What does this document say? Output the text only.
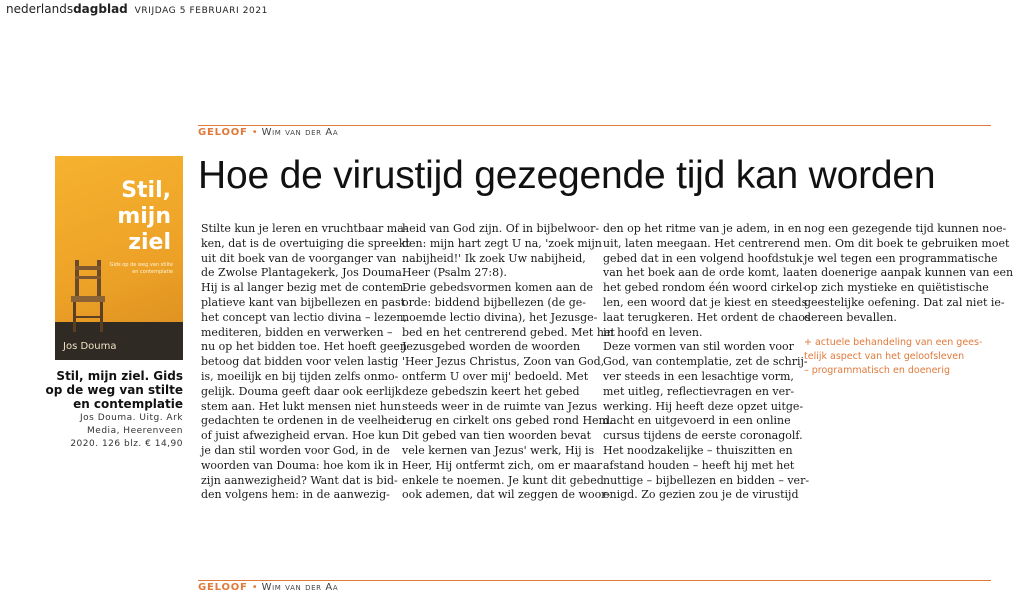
nederlandsdagblad VRIJDAG 5 FEBRUARI 2021
GELOOF • Wim van der Aa
Stil,
mijn
ziel
Gids op de weg van stilte en contemplatie
Jos Douma
Stil, mijn ziel. Gids
op de weg van stilte
en contemplatie
Jos Douma. Uitg. Ark
Media, Heerenveen
2020. 126 blz. € 14,90
Hoe de virustijd gezegende tijd kan worden
Stilte kun je leren en vruchtbaar ma-
ken, dat is de overtuiging die spreekt
uit dit boek van de voorganger van
de Zwolse Plantagekerk, Jos Douma.
Hij is al langer bezig met de contem-
platieve kant van bijbellezen en past
het concept van lectio divina – lezen,
mediteren, bidden en verwerken –
nu op het bidden toe. Het hoeft geen
betoog dat bidden voor velen lastig
is, moeilijk en bij tijden zelfs onmo-
gelijk. Douma geeft daar ook eerlijk
stem aan. Het lukt mensen niet hun
gedachten te ordenen in de veelheid
of juist afwezigheid ervan. Hoe kun
je dan stil worden voor God, in de
woorden van Douma: hoe kom ik in
zijn aanwezigheid? Want dat is bid-
den volgens hem: in de aanwezig-
heid van God zijn. Of in bijbelwoor-
den: mijn hart zegt U na, 'zoek mijn
nabijheid!' Ik zoek Uw nabijheid,
Heer (Psalm 27:8).
Drie gebedsvormen komen aan de
orde: biddend bijbellezen (de ge-
noemde lectio divina), het Jezusge-
bed en het centrerend gebed. Met het
Jezusgebed worden de woorden
'Heer Jezus Christus, Zoon van God,
ontferm U over mij' bedoeld. Met
deze gebedszin keert het gebed
steeds weer in de ruimte van Jezus
terug en cirkelt ons gebed rond Hem.
Dit gebed van tien woorden bevat
vele kernen van Jezus' werk, Hij is
Heer, Hij ontfermt zich, om er maar
enkele te noemen. Je kunt dit gebed
ook ademen, dat wil zeggen de woor-
den op het ritme van je adem, in en
uit, laten meegaan. Het centrerend
gebed dat in een volgend hoofdstuk
van het boek aan de orde komt, laat
het gebed rondom één woord cirkel-
len, een woord dat je kiest en steeds
laat terugkeren. Het ordent de chaos
in hoofd en leven.
Deze vormen van stil worden voor
God, van contemplatie, zet de schrij-
ver steeds in een lesachtige vorm,
met uitleg, reflectievragen en ver-
werking. Hij heeft deze opzet uitge-
dacht en uitgevoerd in een online
cursus tijdens de eerste coronagolf.
Het noodzakelijke – thuiszitten en
afstand houden – heeft hij met het
nuttige – bijbellezen en bidden – ver-
enigd. Zo gezien zou je de virustijd
nog een gezegende tijd kunnen noe-
men. Om dit boek te gebruiken moet
je wel tegen een programmatische
en doenerige aanpak kunnen van een
op zich mystieke en quiëtistische
geestelijke oefening. Dat zal niet ie-
dereen bevallen.
+ actuele behandeling van een gees-
telijk aspect van het geloofsleven
– programmatisch en doenerig
GELOOF • Wim van der Aa
